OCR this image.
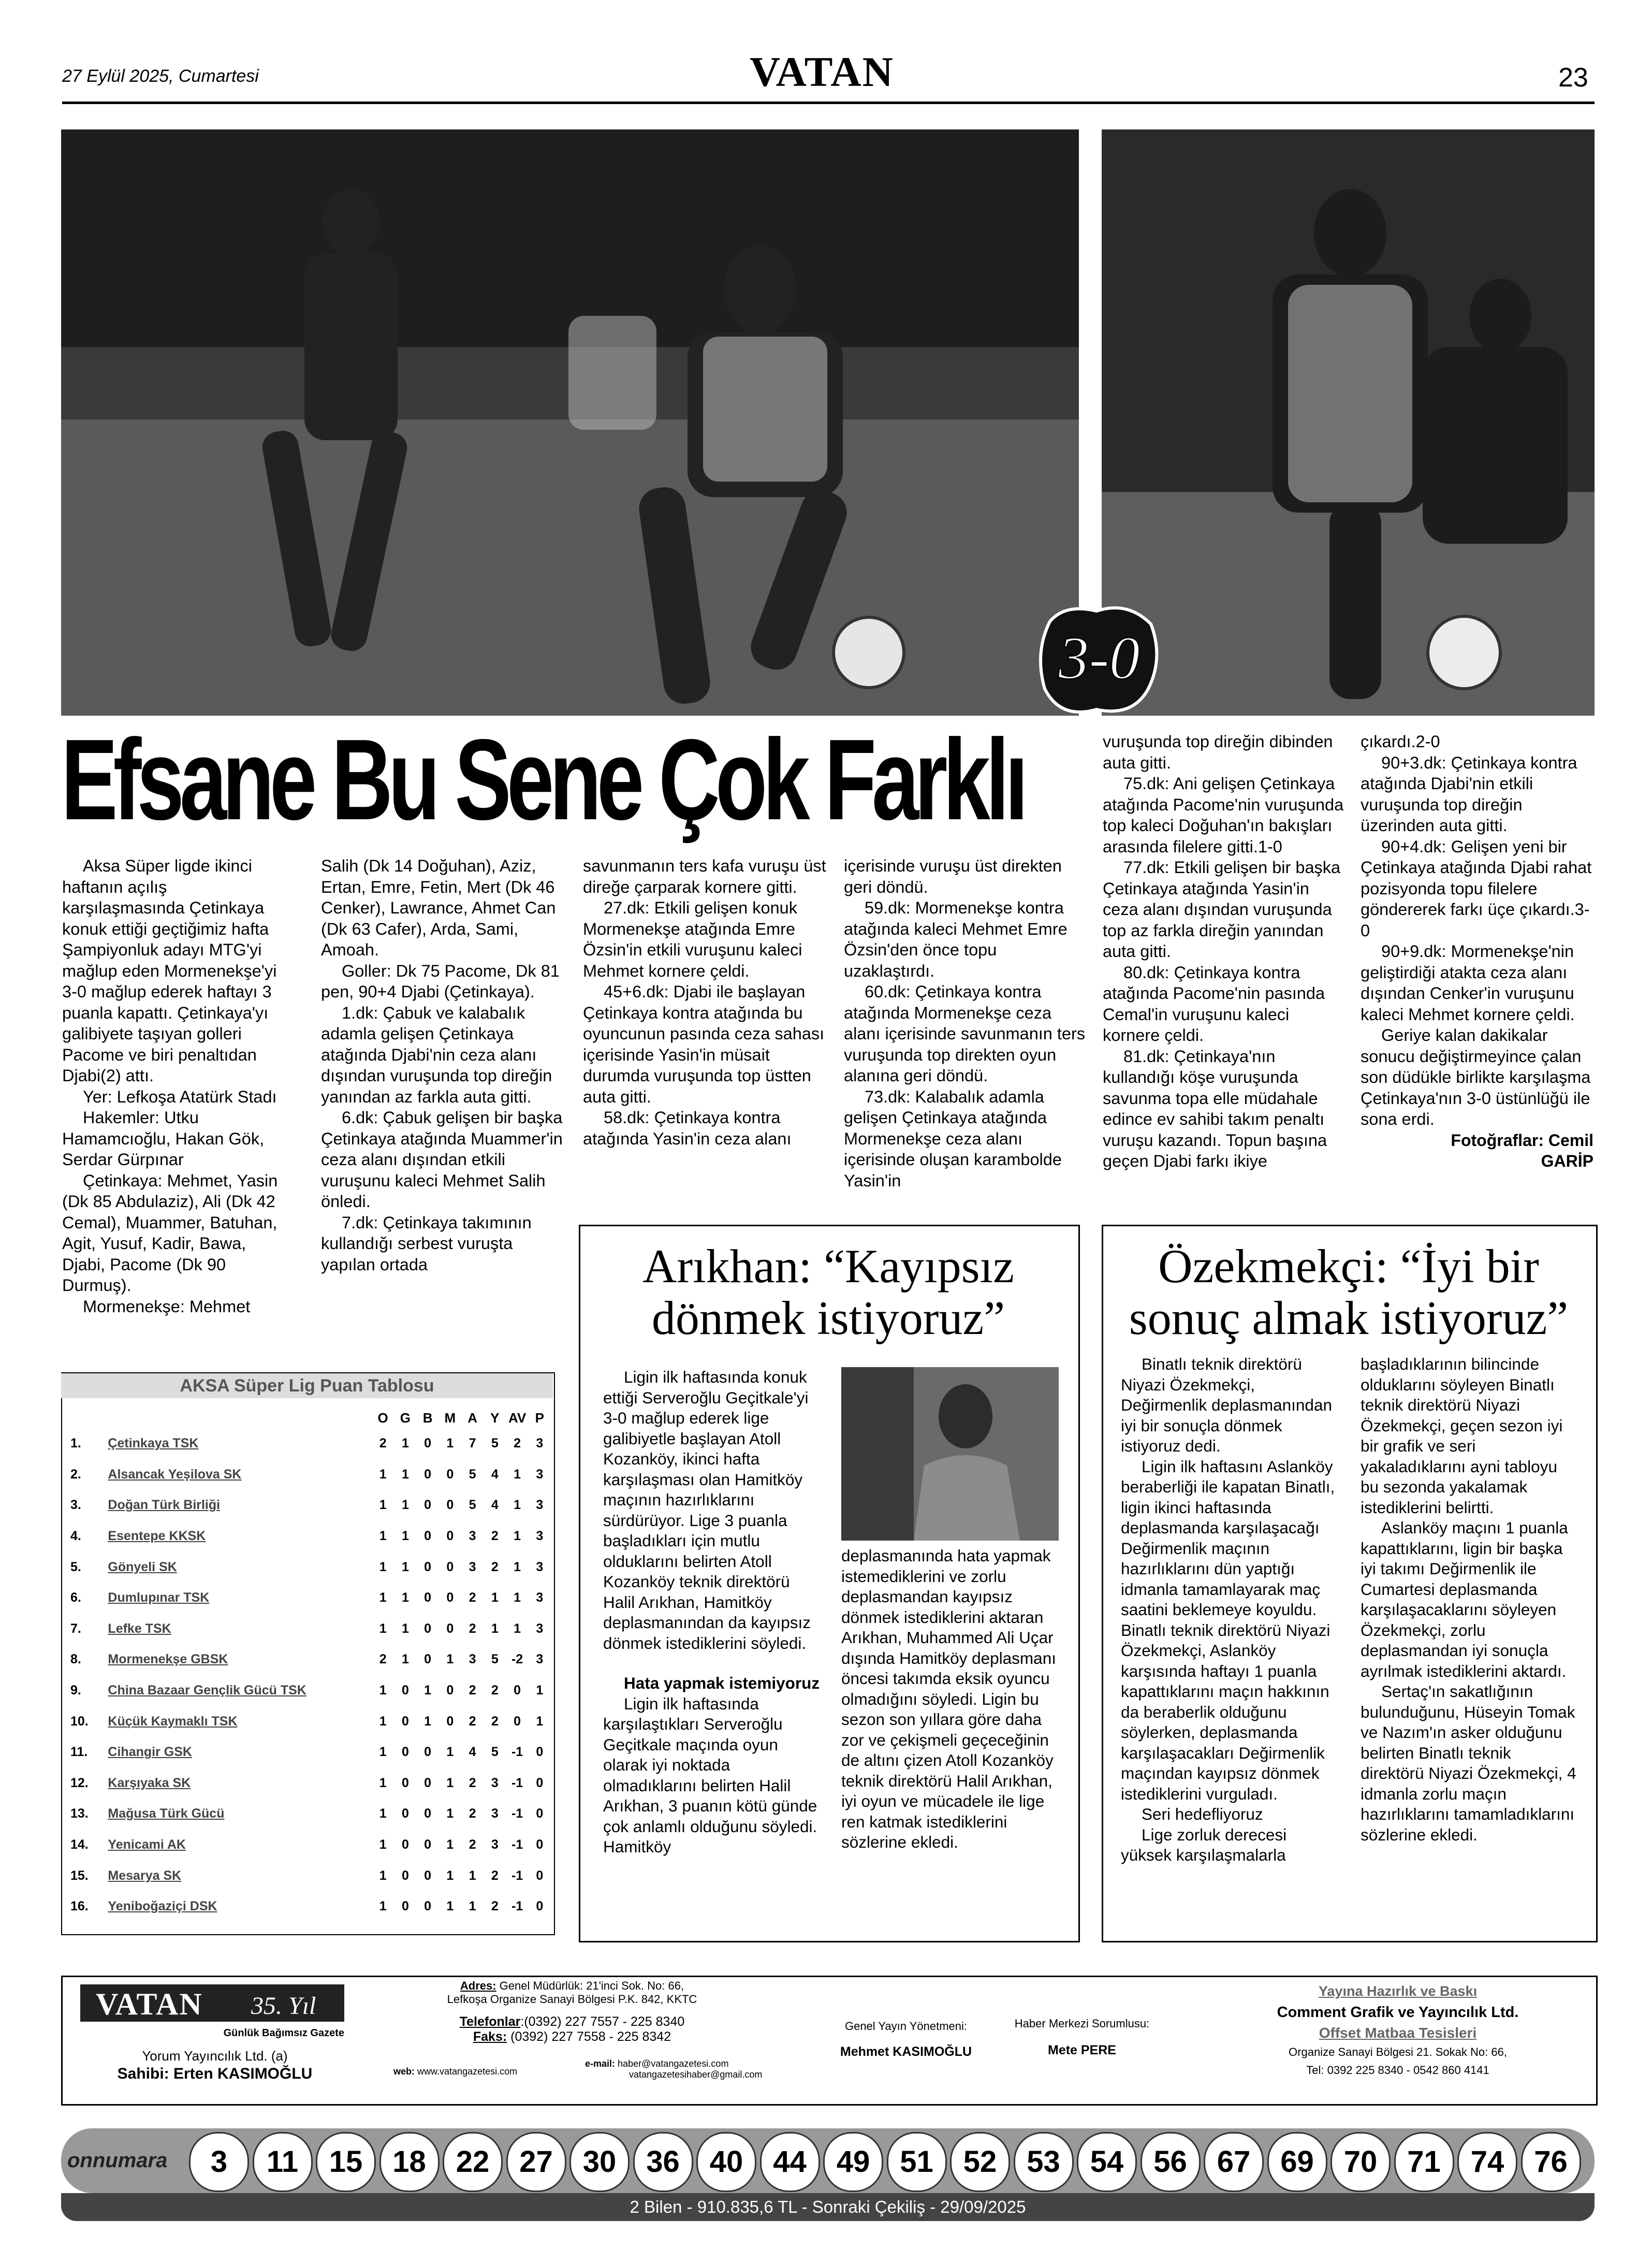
27 Eylül 2025, Cumartesi	VATAN	23
3-0
Efsane Bu Sene Çok Farklı

Aksa Süper ligde ikinci haftanın açılış karşılaşmasında Çetinkaya konuk ettiği geçtiğimiz hafta Şampiyonluk adayı MTG'yi mağlup eden Mormenekşe'yi 3-0 mağlup ederek haftayı 3 puanla kapattı. Çetinkaya'yı galibiyete taşıyan golleri Pacome ve biri penaltıdan Djabi(2) attı.

Yer: Lefkoşa Atatürk Stadı

Hakemler: Utku Hamamcıoğlu, Hakan Gök, Serdar Gürpınar

Çetinkaya: Mehmet, Yasin (Dk 85 Abdulaziz), Ali (Dk 42 Cemal), Muammer, Batuhan, Agit, Yusuf, Kadir, Bawa, Djabi, Pacome (Dk 90 Durmuş).

Mormenekşe: Mehmet

Salih (Dk 14 Doğuhan), Aziz, Ertan, Emre, Fetin, Mert (Dk 46 Cenker), Lawrance, Ahmet Can (Dk 63 Cafer), Arda, Sami, Amoah.

Goller: Dk 75 Pacome, Dk 81 pen, 90+4 Djabi (Çetinkaya).

1.dk: Çabuk ve kalabalık adamla gelişen Çetinkaya atağında Djabi'nin ceza alanı dışından vuruşunda top direğin yanından az farkla auta gitti.

6.dk: Çabuk gelişen bir başka Çetinkaya atağında Muammer'in ceza alanı dışından etkili vuruşunu kaleci Mehmet Salih önledi.

7.dk: Çetinkaya takımının kullandığı serbest vuruşta yapılan ortada

savunmanın ters kafa vuruşu üst direğe çarparak kornere gitti.

27.dk: Etkili gelişen konuk Mormenekşe atağında Emre Özsin'in etkili vuruşunu kaleci Mehmet kornere çeldi.

45+6.dk: Djabi ile başlayan Çetinkaya kontra atağında bu oyuncunun pasında ceza sahası içerisinde Yasin'in müsait durumda vuruşunda top üstten auta gitti.

58.dk: Çetinkaya kontra atağında Yasin'in ceza alanı

içerisinde vuruşu üst direkten geri döndü.

59.dk: Mormenekşe kontra atağında kaleci Mehmet Emre Özsin'den önce topu uzaklaştırdı.

60.dk: Çetinkaya kontra atağında Mormenekşe ceza alanı içerisinde savunmanın ters vuruşunda top direkten oyun alanına geri döndü.

73.dk: Kalabalık adamla gelişen Çetinkaya atağında Mormenekşe ceza alanı içerisinde oluşan karambolde Yasin'in

vuruşunda top direğin dibinden auta gitti.

75.dk: Ani gelişen Çetinkaya atağında Pacome'nin vuruşunda top kaleci Doğuhan'ın bakışları arasında filelere gitti.1-0

77.dk: Etkili gelişen bir başka Çetinkaya atağında Yasin'in ceza alanı dışından vuruşunda top az farkla direğin yanından auta gitti.

80.dk: Çetinkaya kontra atağında Pacome'nin pasında Cemal'in vuruşunu kaleci kornere çeldi.

81.dk: Çetinkaya'nın kullandığı köşe vuruşunda savunma topa elle müdahale edince ev sahibi takım penaltı vuruşu kazandı. Topun başına geçen Djabi farkı ikiye

çıkardı.2-0

90+3.dk: Çetinkaya kontra atağında Djabi'nin etkili vuruşunda top direğin üzerinden auta gitti.

90+4.dk: Gelişen yeni bir Çetinkaya atağında Djabi rahat pozisyonda topu filelere göndererek farkı üçe çıkardı.3-0

90+9.dk: Mormenekşe'nin geliştirdiği atakta ceza alanı dışından Cenker'in vuruşunu kaleci Mehmet kornere çeldi.

Geriye kalan dakikalar sonucu değiştirmeyince çalan son düdükle birlikte karşılaşma Çetinkaya'nın 3-0 üstünlüğü ile sona erdi.

Fotoğraflar: Cemil
GARİP
AKSA Süper Lig Puan Tablosu
		O	G	B	M	A	Y	AV	P
1.	Çetinkaya TSK	2	1	0	1	7	5	2	3
2.	Alsancak Yeşilova SK	1	1	0	0	5	4	1	3
3.	Doğan Türk Birliği	1	1	0	0	5	4	1	3
4.	Esentepe KKSK	1	1	0	0	3	2	1	3
5.	Gönyeli SK	1	1	0	0	3	2	1	3
6.	Dumlupınar TSK	1	1	0	0	2	1	1	3
7.	Lefke TSK	1	1	0	0	2	1	1	3
8.	Mormenekşe GBSK	2	1	0	1	3	5	-2	3
9.	China Bazaar Gençlik Gücü TSK	1	0	1	0	2	2	0	1
10.	Küçük Kaymaklı TSK	1	0	1	0	2	2	0	1
11.	Cihangir GSK	1	0	0	1	4	5	-1	0
12.	Karşıyaka SK	1	0	0	1	2	3	-1	0
13.	Mağusa Türk Gücü	1	0	0	1	2	3	-1	0
14.	Yenicami AK	1	0	0	1	2	3	-1	0
15.	Mesarya SK	1	0	0	1	1	2	-1	0
16.	Yeniboğaziçi DSK	1	0	0	1	1	2	-1	0
Arıkhan: “Kayıpsız dönmek istiyoruz”

Ligin ilk haftasında konuk ettiği Serveroğlu Geçitkale'yi 3-0 mağlup ederek lige galibiyetle başlayan Atoll Kozanköy, ikinci hafta karşılaşması olan Hamitköy maçının hazırlıklarını sürdürüyor. Lige 3 puanla başladıkları için mutlu olduklarını belirten Atoll Kozanköy teknik direktörü Halil Arıkhan, Hamitköy deplasmanından da kayıpsız dönmek istediklerini söyledi.

Hata yapmak istemiyoruz

Ligin ilk haftasında karşılaştıkları Serveroğlu Geçitkale maçında oyun olarak iyi noktada olmadıklarını belirten Halil Arıkhan, 3 puanın kötü günde çok anlamlı olduğunu söyledi. Hamitköy

deplasmanında hata yapmak istemediklerini ve zorlu deplasmandan kayıpsız dönmek istediklerini aktaran Arıkhan, Muhammed Ali Uçar dışında Hamitköy deplasmanı öncesi takımda eksik oyuncu olmadığını söyledi. Ligin bu sezon son yıllara göre daha zor ve çekişmeli geçeceğinin de altını çizen Atoll Kozanköy teknik direktörü Halil Arıkhan, iyi oyun ve mücadele ile lige ren katmak istediklerini sözlerine ekledi.

Özekmekçi: “İyi bir sonuç almak istiyoruz”

Binatlı teknik direktörü Niyazi Özekmekçi, Değirmenlik deplasmanından iyi bir sonuçla dönmek istiyoruz dedi.

Ligin ilk haftasını Aslanköy beraberliği ile kapatan Binatlı, ligin ikinci haftasında deplasmanda karşılaşacağı Değirmenlik maçının hazırlıklarını dün yaptığı idmanla tamamlayarak maç saatini beklemeye koyuldu. Binatlı teknik direktörü Niyazi Özekmekçi, Aslanköy karşısında haftayı 1 puanla kapattıklarını maçın hakkının da beraberlik olduğunu söylerken, deplasmanda karşılaşacakları Değirmenlik maçından kayıpsız dönmek istediklerini vurguladı.

Seri hedefliyoruz

Lige zorluk derecesi yüksek karşılaşmalarla

başladıklarının bilincinde olduklarını söyleyen Binatlı teknik direktörü Niyazi Özekmekçi, geçen sezon iyi bir grafik ve seri yakaladıklarını ayni tabloyu bu sezonda yakalamak istediklerini belirtti.

Aslanköy maçını 1 puanla kapattıklarını, ligin bir başka iyi takımı Değirmenlik ile Cumartesi deplasmanda karşılaşacaklarını söyleyen Özekmekçi, zorlu deplasmandan iyi sonuçla ayrılmak istediklerini aktardı.

Sertaç'ın sakatlığının bulunduğunu, Hüseyin Tomak ve Nazım'ın asker olduğunu belirten Binatlı teknik direktörü Niyazi Özekmekçi, 4 idmanla zorlu maçın hazırlıklarını tamamladıklarını sözlerine ekledi.

VATAN 35. Yıl
Günlük Bağımsız Gazete
Yorum Yayıncılık Ltd. (a)
Sahibi: Erten KASIMOĞLU
Adres: Genel Müdürlük: 21'inci Sok. No: 66,
Lefkoşa Organize Sanayi Bölgesi P.K. 842, KKTC
Telefonlar:(0392) 227 7557 - 225 8340
Faks: (0392) 227 7558 - 225 8342
web: www.vatangazetesi.com
e-mail: haber@vatangazetesi.com
vatangazetesihaber@gmail.com
Genel Yayın Yönetmeni:
Mehmet KASIMOĞLU
Haber Merkezi Sorumlusu:
Mete PERE
Yayına Hazırlık ve Baskı
Comment Grafik ve Yayıncılık Ltd.
Offset Matbaa Tesisleri
Organize Sanayi Bölgesi 21. Sokak No: 66,
Tel: 0392 225 8340 - 0542 860 4141
onnumara	3	11	15 18 22 27 30 36 40 44 49 51 52 53 54 56 67 69 70 71 74 76
2 Bilen - 910.835,6 TL - Sonraki Çekiliş - 29/09/2025
